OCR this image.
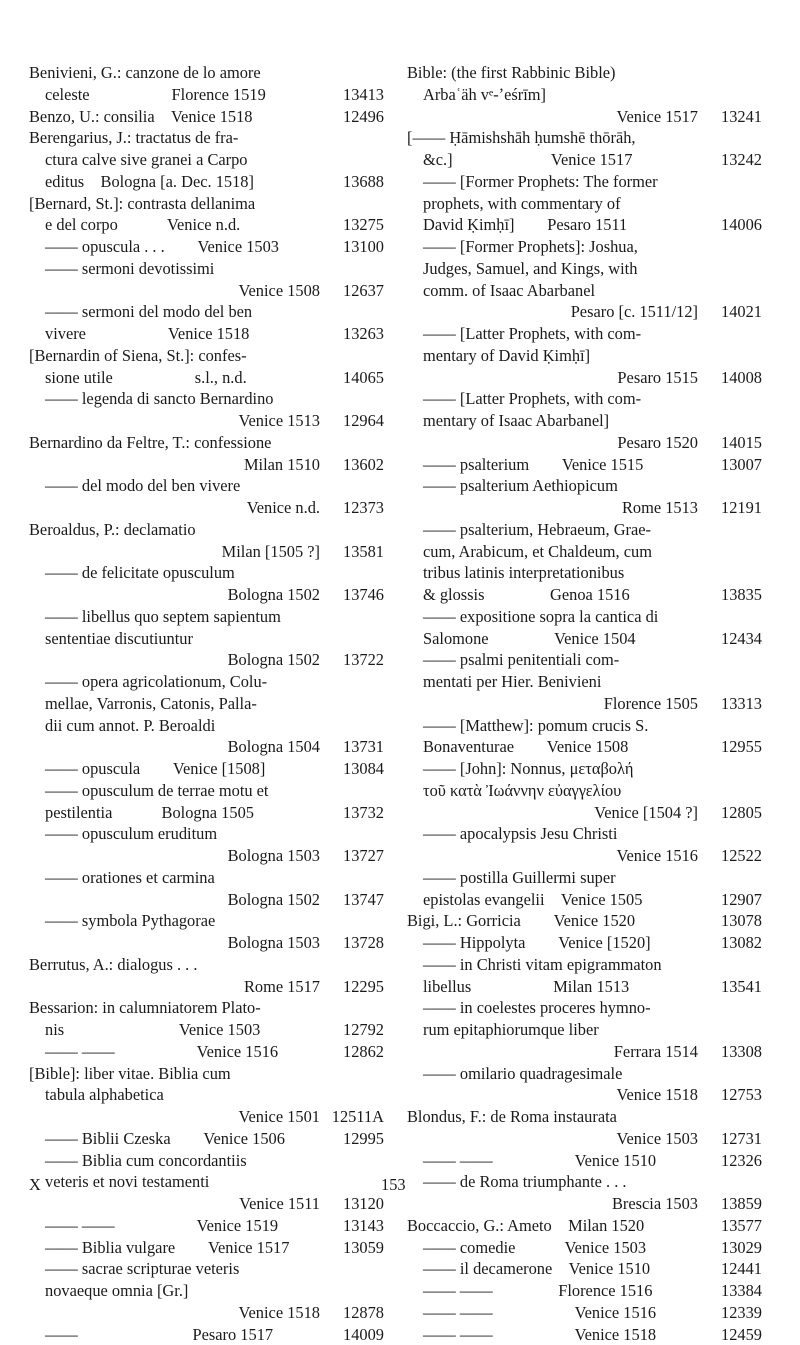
Benivieni, G.: canzone de lo amore
celeste     Florence 1519	13413
Benzo, U.: consilia Venice 1518	12496
Berengarius, J.: tractatus de fra-
ctura calve sive granei a Carpo
editus Bologna [a. Dec. 1518]	13688
[Bernard, St.]: contrasta dellanima
e del corpo   Venice n.d.	13275
—— opuscula . . .  Venice 1503	13100
—— sermoni devotissimi
Venice 1508	12637
—— sermoni del modo del ben
vivere     Venice 1518	13263
[Bernardin of Siena, St.]: confes-
sione utile     s.l., n.d.	14065
—— legenda di sancto Bernardino
Venice 1513	12964
Bernardino da Feltre, T.: confessione
Milan 1510	13602
—— del modo del ben vivere
Venice n.d.	12373
Beroaldus, P.: declamatio
Milan [1505 ?]	13581
—— de felicitate opusculum
Bologna 1502	13746
—— libellus quo septem sapientum
sententiae discutiuntur
Bologna 1502	13722
—— opera agricolationum, Colu-
mellae, Varronis, Catonis, Palla-
dii cum annot. P. Beroaldi
Bologna 1504	13731
—— opuscula  Venice [1508]	13084
—— opusculum de terrae motu et
pestilentia   Bologna 1505	13732
—— opusculum eruditum
Bologna 1503	13727
—— orationes et carmina
Bologna 1502	13747
—— symbola Pythagorae
Bologna 1503	13728
Berrutus, A.: dialogus . . .
Rome 1517	12295
Bessarion: in calumniatorem Plato-
nis       Venice 1503	12792
—— ——     Venice 1516	12862
[Bible]: liber vitae. Biblia cum
tabula alphabetica
Venice 1501 12511A
—— Biblii Czeska  Venice 1506	12995
—— Biblia cum concordantiis
veteris et novi testamenti
Venice 1511	13120
—— ——     Venice 1519	13143
—— Biblia vulgare  Venice 1517	13059
—— sacrae scripturae veteris
novaeque omnia [Gr.]
Venice 1518	12878
——       Pesaro 1517	14009
Bible: (the first Rabbinic Bible)
Arbaʿäh vᵉ-ʼeśrīm]
Venice 1517	13241
[—— Ḥāmishshāh ḥumshē thōrāh,
&c.]      Venice 1517	13242
—— [Former Prophets: The former
prophets, with commentary of
David Ḳimḥī]  Pesaro 1511	14006
—— [Former Prophets]: Joshua,
Judges, Samuel, and Kings, with
comm. of Isaac Abarbanel
Pesaro [c. 1511/12]	14021
—— [Latter Prophets, with com-
mentary of David Ḳimḥī]
Pesaro 1515	14008
—— [Latter Prophets, with com-
mentary of Isaac Abarbanel]
Pesaro 1520	14015
—— psalterium  Venice 1515	13007
—— psalterium Aethiopicum
Rome 1513	12191
—— psalterium, Hebraeum, Grae-
cum, Arabicum, et Chaldeum, cum
tribus latinis interpretationibus
& glossis    Genoa 1516	13835
—— expositione sopra la cantica di
Salomone    Venice 1504	12434
—— psalmi penitentiali com-
mentati per Hier. Benivieni
Florence 1505	13313
—— [Matthew]: pomum crucis S.
Bonaventurae  Venice 1508	12955
—— [John]: Nonnus, μεταβολή
τοῦ κατὰ Ἰωάννην εὐαγγελίου
Venice [1504 ?]	12805
—— apocalypsis Jesu Christi
Venice 1516	12522
—— postilla Guillermi super
epistolas evangelii Venice 1505	12907
Bigi, L.: Gorricia  Venice 1520	13078
—— Hippolyta  Venice [1520]	13082
—— in Christi vitam epigrammaton
libellus     Milan 1513	13541
—— in coelestes proceres hymno-
rum epitaphiorumque liber
Ferrara 1514	13308
—— omilario quadragesimale
Venice 1518	12753
Blondus, F.: de Roma instaurata
Venice 1503	12731
—— ——     Venice 1510	12326
—— de Roma triumphante . . .
Brescia 1503	13859
Boccaccio, G.: Ameto Milan 1520	13577
—— comedie   Venice 1503	13029
—— il decamerone Venice 1510	12441
—— ——    Florence 1516	13384
—— ——     Venice 1516	12339
—— ——     Venice 1518	12459
X	153
